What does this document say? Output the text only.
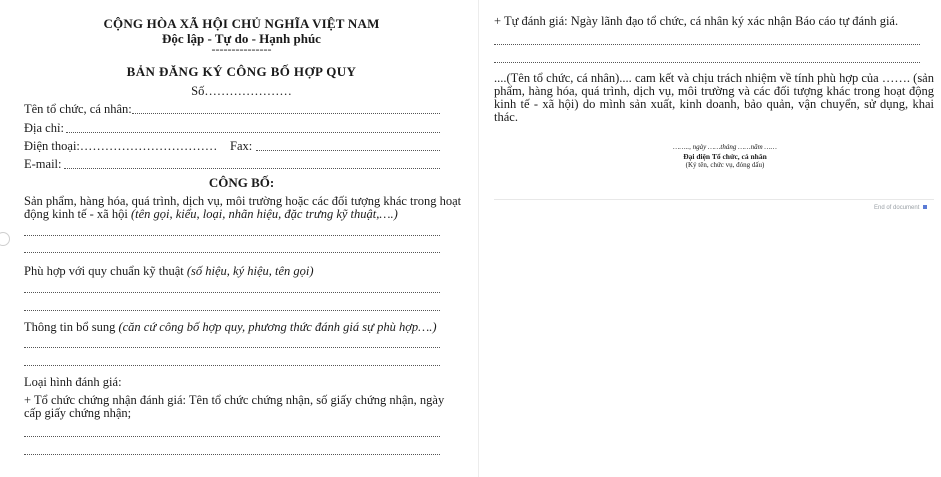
CỘNG HÒA XÃ HỘI CHỦ NGHĨA VIỆT NAM
Độc lập - Tự do - Hạnh phúc
---------------
BẢN ĐĂNG KÝ CÔNG BỐ HỢP QUY
Số…………………
Tên tổ chức, cá nhân:
Địa chỉ:
Điện thoại:…………………………… Fax:
E-mail:
CÔNG BỐ:
Sản phẩm, hàng hóa, quá trình, dịch vụ, môi trường hoặc các đối tượng khác trong hoạt động kinh tế - xã hội (tên gọi, kiểu, loại, nhãn hiệu, đặc trưng kỹ thuật,….)
Phù hợp với quy chuẩn kỹ thuật (số hiệu, ký hiệu, tên gọi)
Thông tin bổ sung (căn cứ công bố hợp quy, phương thức đánh giá sự phù hợp….)
Loại hình đánh giá:
+ Tổ chức chứng nhận đánh giá: Tên tổ chức chứng nhận, số giấy chứng nhận, ngày cấp giấy chứng nhận;
+ Tự đánh giá: Ngày lãnh đạo tổ chức, cá nhân ký xác nhận Báo cáo tự đánh giá.
....(Tên tổ chức, cá nhân).... cam kết và chịu trách nhiệm về tính phù hợp của ……. (sản phẩm, hàng hóa, quá trình, dịch vụ, môi trường và các đối tượng khác trong hoạt động kinh tế - xã hội) do mình sản xuất, kinh doanh, bảo quản, vận chuyển, sử dụng, khai thác.
…….., ngày ……tháng ……năm ……
Đại diện Tổ chức, cá nhân
(Ký tên, chức vụ, đóng dấu)
End of document
